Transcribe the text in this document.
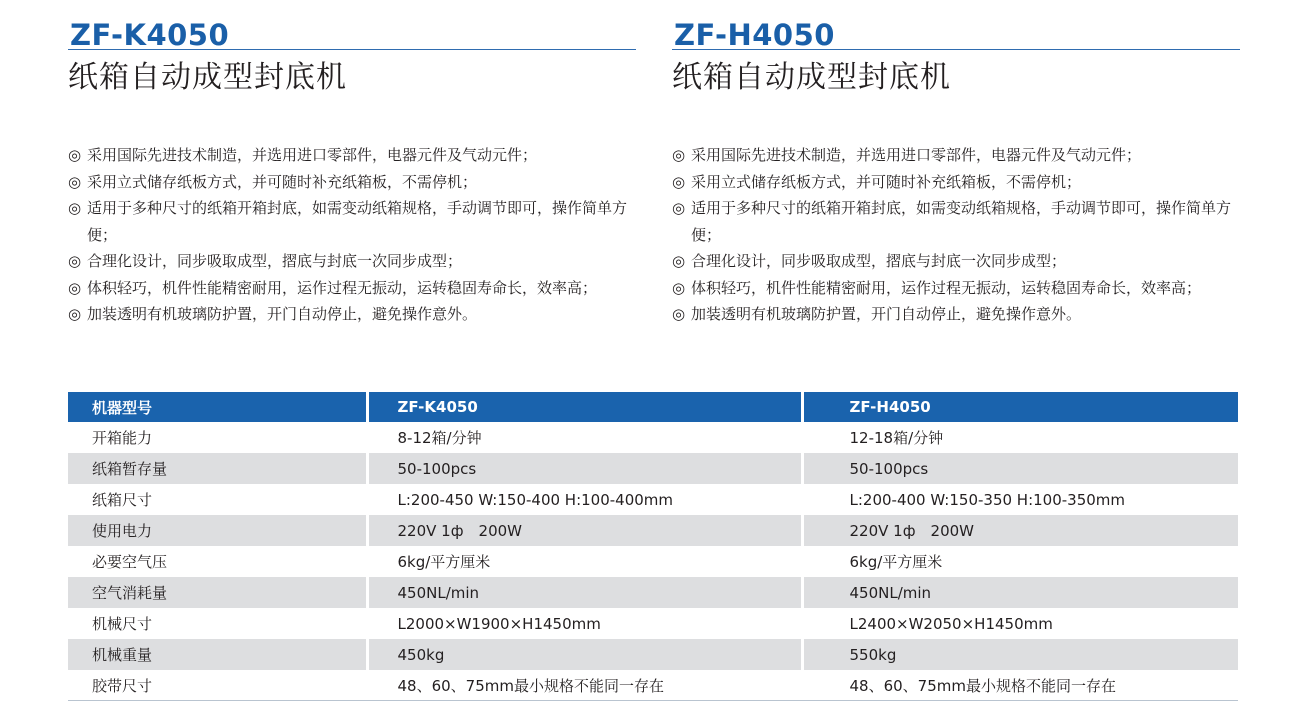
ZF-K4050
纸箱自动成型封底机
◎ 采用国际先进技术制造，并选用进口零部件，电器元件及气动元件；
◎ 采用立式储存纸板方式，并可随时补充纸箱板，不需停机；
◎ 适用于多种尺寸的纸箱开箱封底，如需变动纸箱规格，手动调节即可，操作简单方便；
◎ 合理化设计，同步吸取成型，摺底与封底一次同步成型；
◎ 体积轻巧，机件性能精密耐用，运作过程无振动，运转稳固寿命长，效率高；
◎ 加装透明有机玻璃防护置，开门自动停止，避免操作意外。
ZF-H4050
纸箱自动成型封底机
◎ 采用国际先进技术制造，并选用进口零部件，电器元件及气动元件；
◎ 采用立式储存纸板方式，并可随时补充纸箱板，不需停机；
◎ 适用于多种尺寸的纸箱开箱封底，如需变动纸箱规格，手动调节即可，操作简单方便；
◎ 合理化设计，同步吸取成型，摺底与封底一次同步成型；
◎ 体积轻巧，机件性能精密耐用，运作过程无振动，运转稳固寿命长，效率高；
◎ 加装透明有机玻璃防护置，开门自动停止，避免操作意外。
机器型号	ZF-K4050	ZF-H4050
开箱能力	8-12箱/分钟	12-18箱/分钟
纸箱暂存量	50-100pcs	50-100pcs
纸箱尺寸	L:200-450 W:150-400 H:100-400mm	L:200-400 W:150-350 H:100-350mm
使用电力	220V 1ф　200W	220V 1ф　200W
必要空气压	6kg/平方厘米	6kg/平方厘米
空气消耗量	450NL/min	450NL/min
机械尺寸	L2000×W1900×H1450mm	L2400×W2050×H1450mm
机械重量	450kg	550kg
胶带尺寸	48、60、75mm最小规格不能同一存在	48、60、75mm最小规格不能同一存在
